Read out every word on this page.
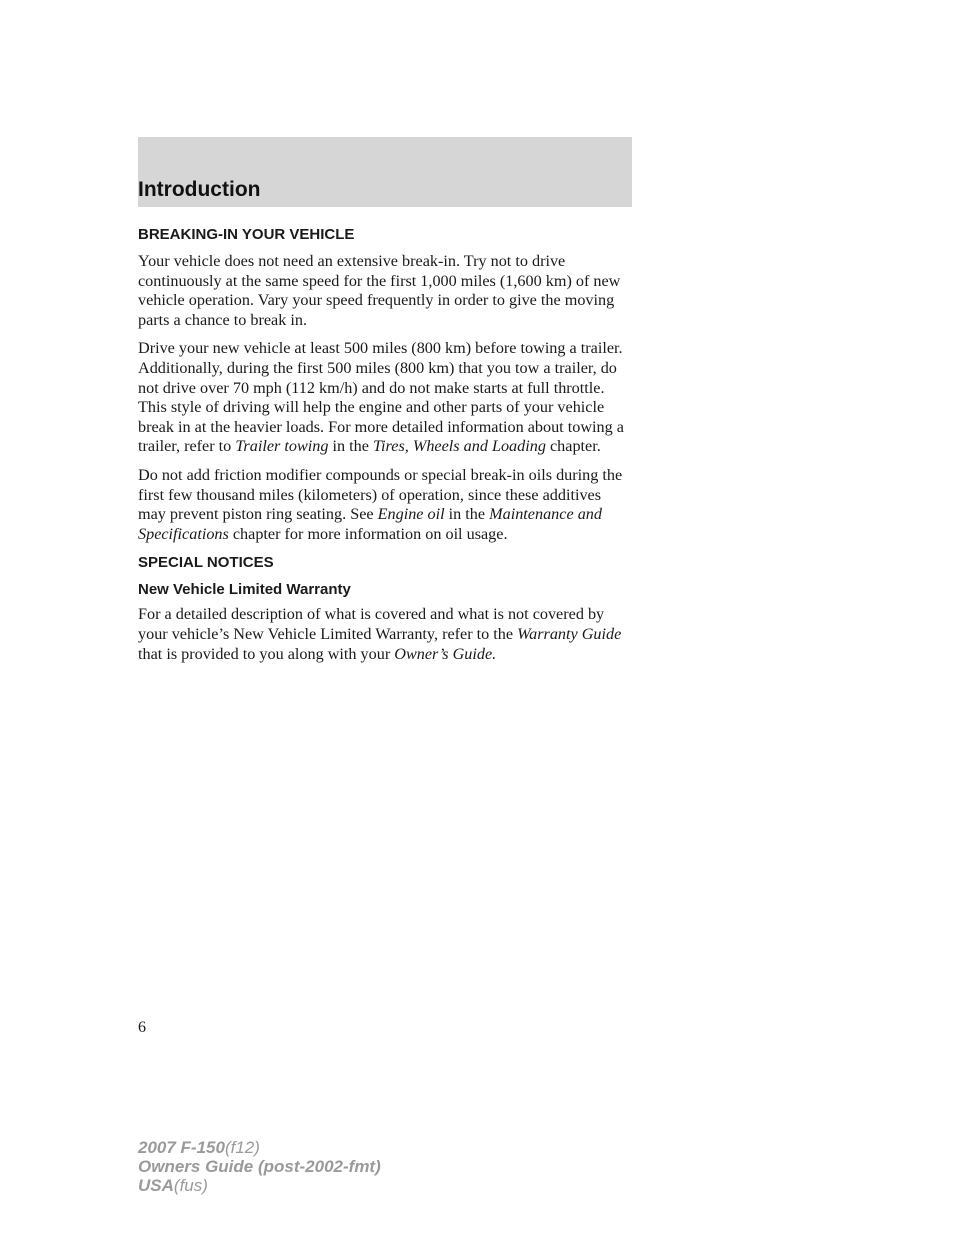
Introduction
BREAKING-IN YOUR VEHICLE

Your vehicle does not need an extensive break-in. Try not to drive continuously at the same speed for the first 1,000 miles (1,600 km) of new vehicle operation. Vary your speed frequently in order to give the moving parts a chance to break in.

Drive your new vehicle at least 500 miles (800 km) before towing a trailer. Additionally, during the first 500 miles (800 km) that you tow a trailer, do not drive over 70 mph (112 km/h) and do not make starts at full throttle. This style of driving will help the engine and other parts of your vehicle break in at the heavier loads. For more detailed information about towing a trailer, refer to Trailer towing in the Tires, Wheels and Loading chapter.

Do not add friction modifier compounds or special break-in oils during the first few thousand miles (kilometers) of operation, since these additives may prevent piston ring seating. See Engine oil in the Maintenance and Specifications chapter for more information on oil usage.

SPECIAL NOTICES
New Vehicle Limited Warranty

For a detailed description of what is covered and what is not covered by your vehicle’s New Vehicle Limited Warranty, refer to the Warranty Guide that is provided to you along with your Owner’s Guide.

6
2007 F-150(f12)
Owners Guide (post-2002-fmt)
USA(fus)
